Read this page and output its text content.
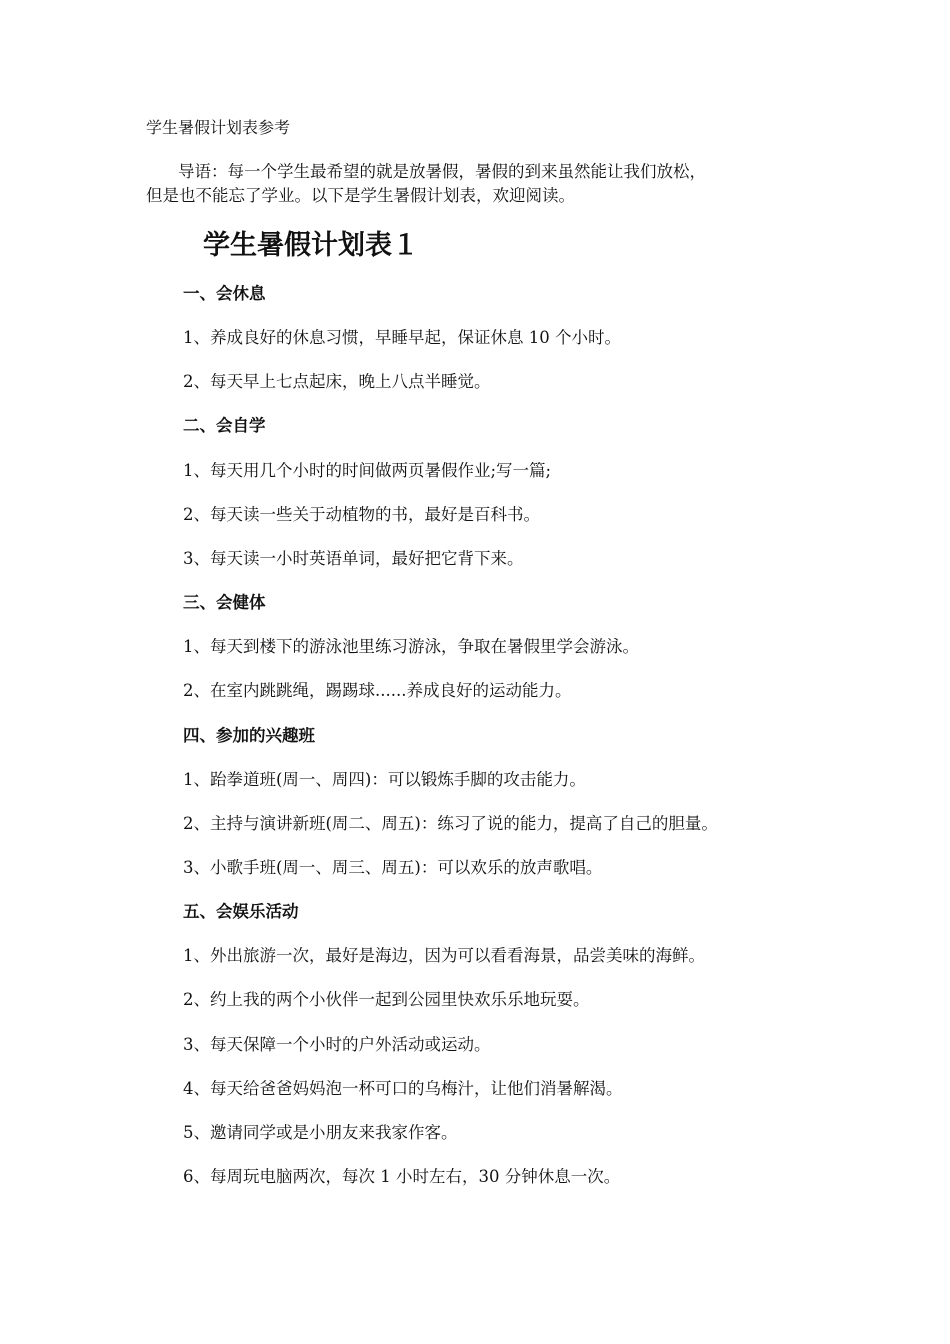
学生暑假计划表参考

导语：每一个学生最希望的就是放暑假，暑假的到来虽然能让我们放松，

但是也不能忘了学业。以下是学生暑假计划表，欢迎阅读。

学生暑假计划表１
一、会休息
1、养成良好的休息习惯，早睡早起，保证休息 10 个小时。
2、每天早上七点起床，晚上八点半睡觉。
二、会自学
1、每天用几个小时的时间做两页暑假作业;写一篇;
2、每天读一些关于动植物的书，最好是百科书。
3、每天读一小时英语单词，最好把它背下来。
三、会健体
1、每天到楼下的游泳池里练习游泳，争取在暑假里学会游泳。
2、在室内跳跳绳，踢踢球......养成良好的运动能力。
四、参加的兴趣班
1、跆拳道班(周一、周四)：可以锻炼手脚的攻击能力。
2、主持与演讲新班(周二、周五)：练习了说的能力，提高了自己的胆量。
3、小歌手班(周一、周三、周五)：可以欢乐的放声歌唱。
五、会娱乐活动
1、外出旅游一次，最好是海边，因为可以看看海景，品尝美味的海鲜。
2、约上我的两个小伙伴一起到公园里快欢乐乐地玩耍。
3、每天保障一个小时的户外活动或运动。
4、每天给爸爸妈妈泡一杯可口的乌梅汁，让他们消暑解渴。
5、邀请同学或是小朋友来我家作客。
6、每周玩电脑两次，每次 1 小时左右，30 分钟休息一次。
